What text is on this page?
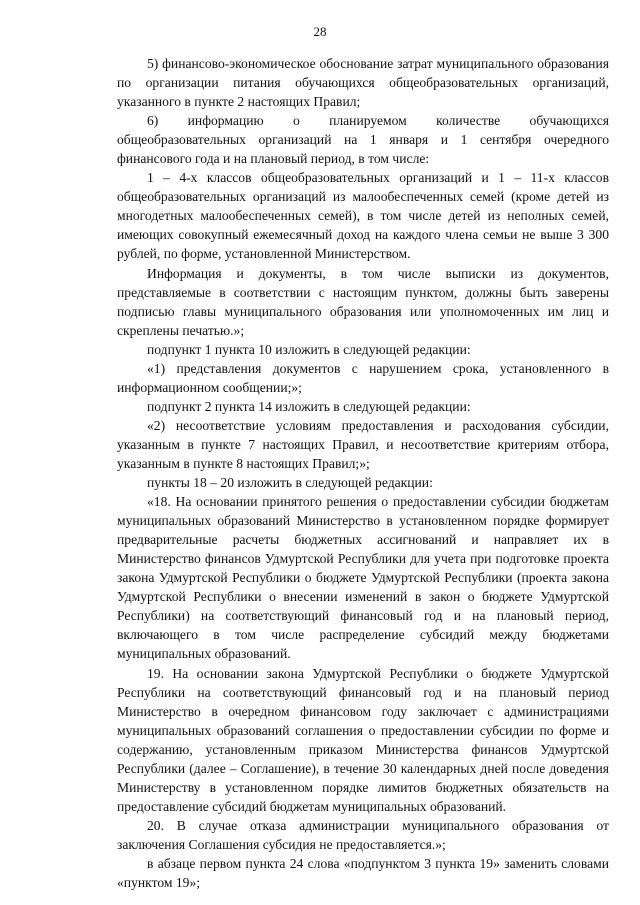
28

5) финансово-экономическое обоснование затрат муниципального образования по организации питания обучающихся общеобразовательных организаций, указанного в пункте 2 настоящих Правил;

6) информацию о планируемом количестве обучающихся общеобразовательных организаций на 1 января и 1 сентября очередного финансового года и на плановый период, в том числе:

1 – 4-х классов общеобразовательных организаций и 1 – 11-х классов общеобразовательных организаций из малообеспеченных семей (кроме детей из многодетных малообеспеченных семей), в том числе детей из неполных семей, имеющих совокупный ежемесячный доход на каждого члена семьи не выше 3 300 рублей, по форме, установленной Министерством.

Информация и документы, в том числе выписки из документов, представляемые в соответствии с настоящим пунктом, должны быть заверены подписью главы муниципального образования или уполномоченных им лиц и скреплены печатью.»;

подпункт 1 пункта 10 изложить в следующей редакции:

«1) представления документов с нарушением срока, установленного в информационном сообщении;»;

подпункт 2 пункта 14 изложить в следующей редакции:

«2) несоответствие условиям предоставления и расходования субсидии, указанным в пункте 7 настоящих Правил, и несоответствие критериям отбора, указанным в пункте 8 настоящих Правил;»;

пункты 18 – 20 изложить в следующей редакции:

«18. На основании принятого решения о предоставлении субсидии бюджетам муниципальных образований Министерство в установленном порядке формирует предварительные расчеты бюджетных ассигнований и направляет их в Министерство финансов Удмуртской Республики для учета при подготовке проекта закона Удмуртской Республики о бюджете Удмуртской Республики (проекта закона Удмуртской Республики о внесении изменений в закон о бюджете Удмуртской Республики) на соответствующий финансовый год и на плановый период, включающего в том числе распределение субсидий между бюджетами муниципальных образований.

19. На основании закона Удмуртской Республики о бюджете Удмуртской Республики на соответствующий финансовый год и на плановый период Министерство в очередном финансовом году заключает с администрациями муниципальных образований соглашения о предоставлении субсидии по форме и содержанию, установленным приказом Министерства финансов Удмуртской Республики (далее – Соглашение), в течение 30 календарных дней после доведения Министерству в установленном порядке лимитов бюджетных обязательств на предоставление субсидий бюджетам муниципальных образований.

20. В случае отказа администрации муниципального образования от заключения Соглашения субсидия не предоставляется.»;

в абзаце первом пункта 24 слова «подпунктом 3 пункта 19» заменить словами «пунктом 19»;
